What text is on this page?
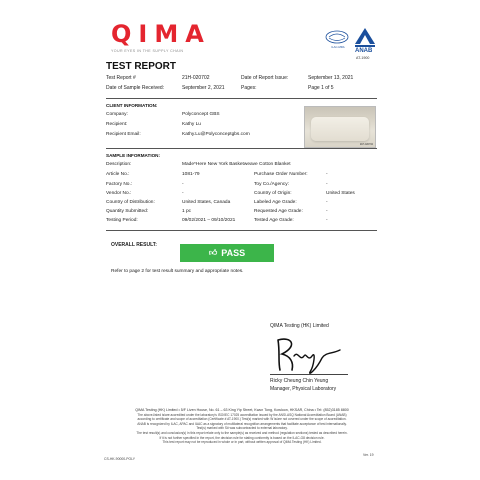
QIMA
YOUR EYES IN THE SUPPLY CHAIN
ILAC-MRA
ANAB
AT-1900
TEST REPORT
Test Report #	21H-020702	Date of Report Issue:	September 13, 2021
Date of Sample Received:	September 2, 2021	Pages:	Page 1 of 5
CLIENT INFORMATION:
Company:	Polyconcept GBS
Recipient:	Kathy Lu
Recipient Email:	Kathy.Lu@Polyconceptgbs.com
21H-020702
SAMPLE INFORMATION:
Description:	Made*Here New York Basketweave Cotton Blanket
Article No.:	1081-79	Purchase Order Number:	-
Factory No.:	-	Toy Co./Agency:	-
Vendor No.:	-	Country of Origin:	United States
Country of Distribution:	United States, Canada	Labeled Age Grade:	-
Quantity Submitted:	1 pc	Requested Age Grade:	-
Testing Period:	09/02/2021 – 09/10/2021	Tested Age Grade:	-
OVERALL RESULT:
👍︎ PASS
Refer to page 2 for test result summary and appropriate notes.
QIMA Testing (HK) Limited
Ricky Cheung Chin Yeung
Manager, Physical Laboratory
QIMA Testing (HK) Limited • 5/F Liven House, No. 61 – 63 King Yip Street, Kwun Tong, Kowloon, HKSAR, China • Tel: (852)3185 8800
The above-listed is/are accredited under the laboratory's ISO/IEC 17025 accreditation issued by the ANSI-ASQ National Accreditation Board (ANAB)
according to certificate and scope of accreditation (Certificate # AT-1900.) Test(s) marked with W is/are not covered under the scope of accreditation.
ANAB is recognized by ILAC, APAC and IAAC as a signatory of multilateral recognition arrangements that facilitate acceptance of test internationally.
Test(s) marked with S# was subcontracted to external laboratory.
The test result(s) and conclusion(s) in this report relate only to the sample(s) as received and method (regulation sections) tested as described herein.
If it is not further specified in the report, the decision rule for stating conformity is based on the ILAC-G8 decision rule.
This test report may not be reproduced in whole or in part, without written approval of QIMA Testing (HK) Limited.
CS-HK-90000-POLY
Ver. 19
